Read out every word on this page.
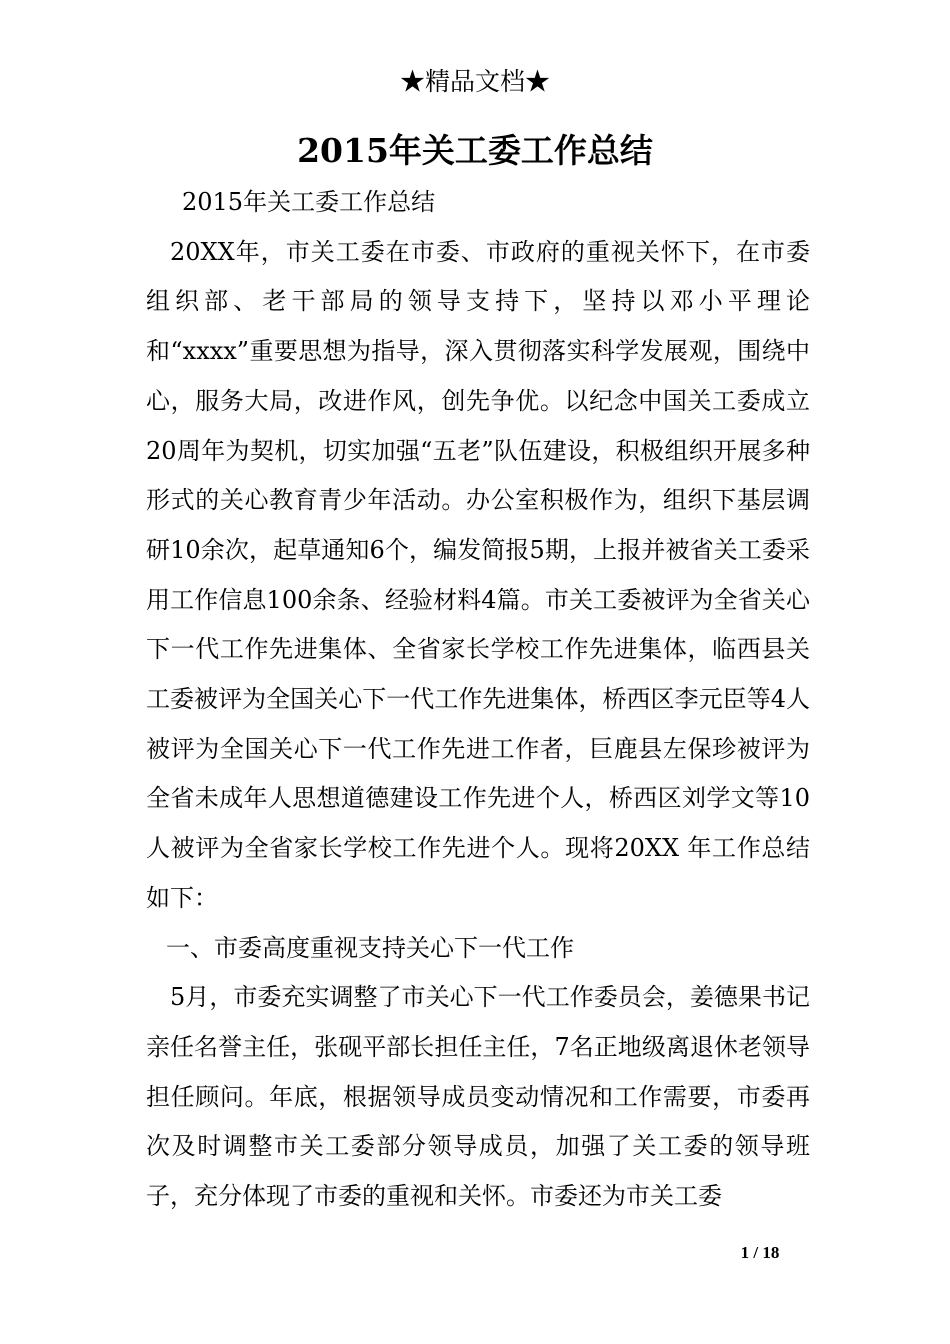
★精品文档★
2015年关工委工作总结

2015年关工委工作总结

20XX年，市关工委在市委、市政府的重视关怀下，在市委组织部、老干部局的领导支持下，坚持以邓小平理论和“xxxx”重要思想为指导，深入贯彻落实科学发展观，围绕中心，服务大局，改进作风，创先争优。以纪念中国关工委成立20周年为契机，切实加强“五老”队伍建设，积极组织开展多种形式的关心教育青少年活动。办公室积极作为，组织下基层调研10余次，起草通知6个，编发简报5期，上报并被省关工委采用工作信息100余条、经验材料4篇。市关工委被评为全省关心下一代工作先进集体、全省家长学校工作先进集体，临西县关工委被评为全国关心下一代工作先进集体，桥西区李元臣等4人被评为全国关心下一代工作先进工作者，巨鹿县左保珍被评为全省未成年人思想道德建设工作先进个人，桥西区刘学文等10人被评为全省家长学校工作先进个人。现将20XX 年工作总结如下：

一、市委高度重视支持关心下一代工作

5月，市委充实调整了市关心下一代工作委员会，姜德果书记亲任名誉主任，张砚平部长担任主任，7名正地级离退休老领导担任顾问。年底，根据领导成员变动情况和工作需要，市委再次及时调整市关工委部分领导成员，加强了关工委的领导班子，充分体现了市委的重视和关怀。市委还为市关工委

1 / 18
